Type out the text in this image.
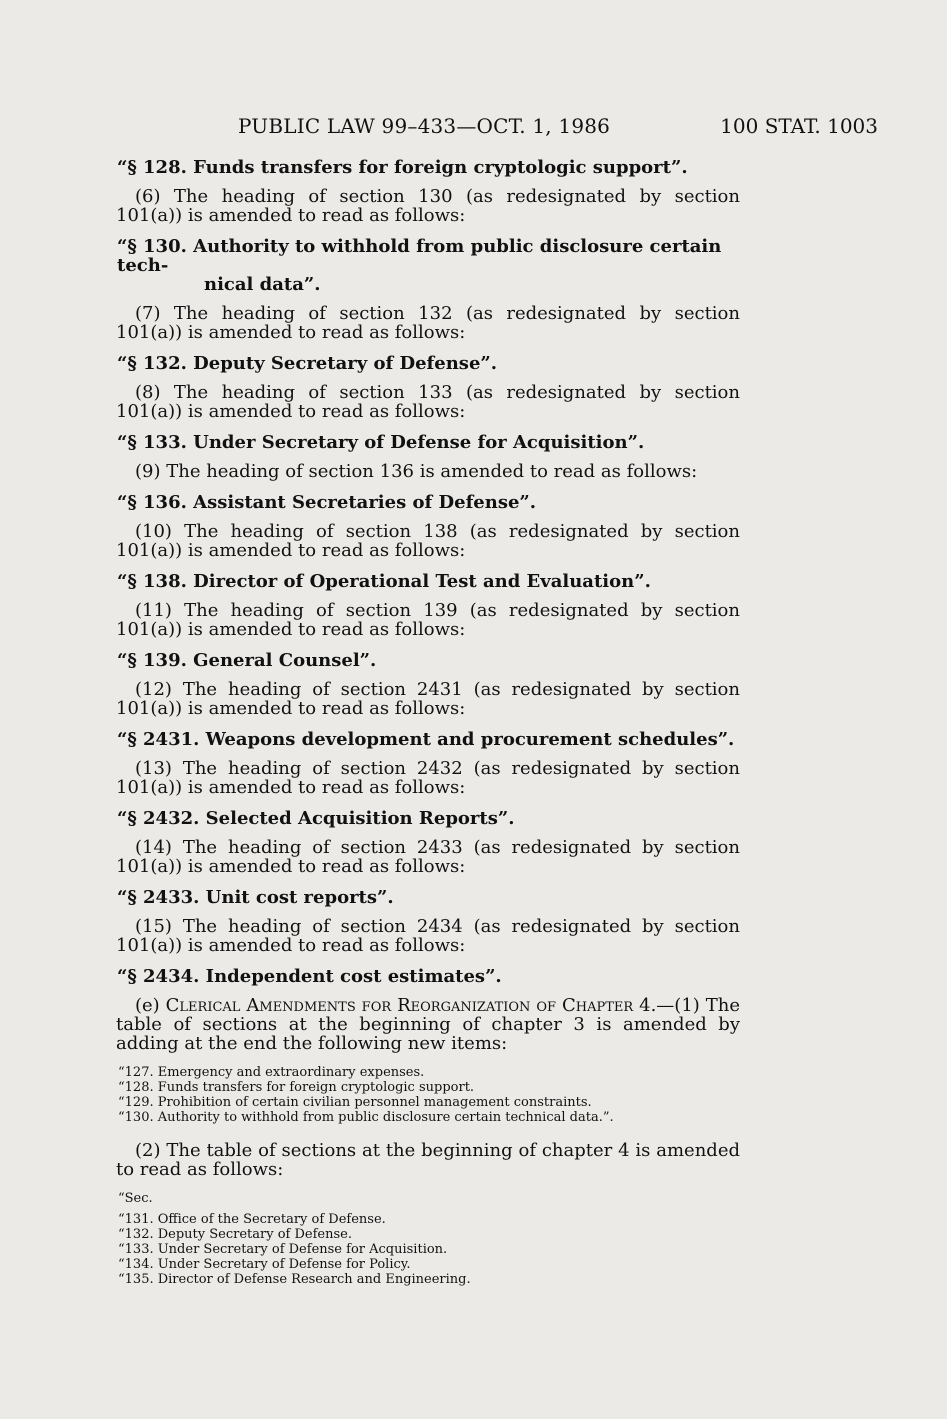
PUBLIC LAW 99–433—OCT. 1, 1986	100 STAT. 1003
“§ 128. Funds transfers for foreign cryptologic support”.
(6) The heading of section 130 (as redesignated by section 101(a)) is amended to read as follows:
“§ 130. Authority to withhold from public disclosure certain tech-
nical data”.
(7) The heading of section 132 (as redesignated by section 101(a)) is amended to read as follows:
“§ 132. Deputy Secretary of Defense”.
(8) The heading of section 133 (as redesignated by section 101(a)) is amended to read as follows:
“§ 133. Under Secretary of Defense for Acquisition”.
(9) The heading of section 136 is amended to read as follows:
“§ 136. Assistant Secretaries of Defense”.
(10) The heading of section 138 (as redesignated by section 101(a)) is amended to read as follows:
“§ 138. Director of Operational Test and Evaluation”.
(11) The heading of section 139 (as redesignated by section 101(a)) is amended to read as follows:
“§ 139. General Counsel”.
(12) The heading of section 2431 (as redesignated by section 101(a)) is amended to read as follows:
“§ 2431. Weapons development and procurement schedules”.
(13) The heading of section 2432 (as redesignated by section 101(a)) is amended to read as follows:
“§ 2432. Selected Acquisition Reports”.
(14) The heading of section 2433 (as redesignated by section 101(a)) is amended to read as follows:
“§ 2433. Unit cost reports”.
(15) The heading of section 2434 (as redesignated by section 101(a)) is amended to read as follows:
“§ 2434. Independent cost estimates”.
(e) Clerical Amendments for Reorganization of Chapter 4.—(1) The table of sections at the beginning of chapter 3 is amended by adding at the end the following new items:
“127. Emergency and extraordinary expenses.
“128. Funds transfers for foreign cryptologic support.
“129. Prohibition of certain civilian personnel management constraints.
“130. Authority to withhold from public disclosure certain technical data.”.
(2) The table of sections at the beginning of chapter 4 is amended to read as follows:
“Sec.
“131. Office of the Secretary of Defense.
“132. Deputy Secretary of Defense.
“133. Under Secretary of Defense for Acquisition.
“134. Under Secretary of Defense for Policy.
“135. Director of Defense Research and Engineering.
